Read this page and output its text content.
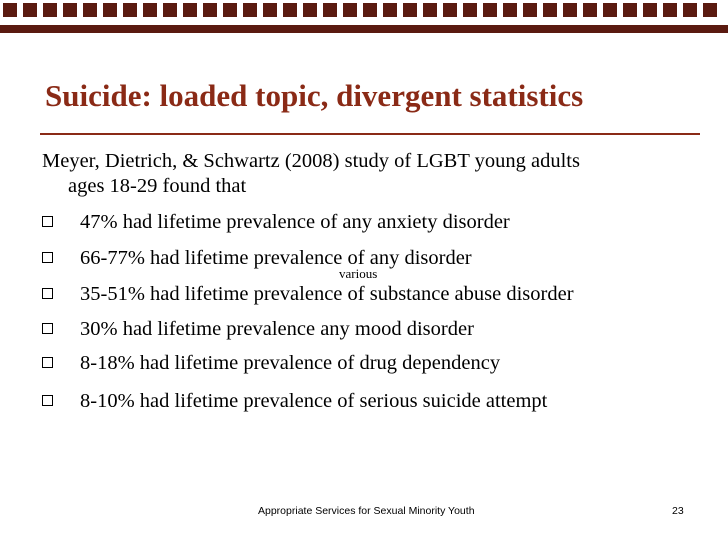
Suicide: loaded topic, divergent statistics
Meyer, Dietrich, & Schwartz (2008) study of LGBT young adults
ages 18-29 found that
47% had lifetime prevalence of any anxiety disorder
66-77% had lifetime prevalence of any disorder
35-51% had lifetime prevalence of substance abuse disorder
30% had lifetime prevalence any mood disorder
8-18% had lifetime prevalence of drug dependency
8-10% had lifetime prevalence of serious suicide attempt
various
Appropriate Services for Sexual Minority Youth	23
